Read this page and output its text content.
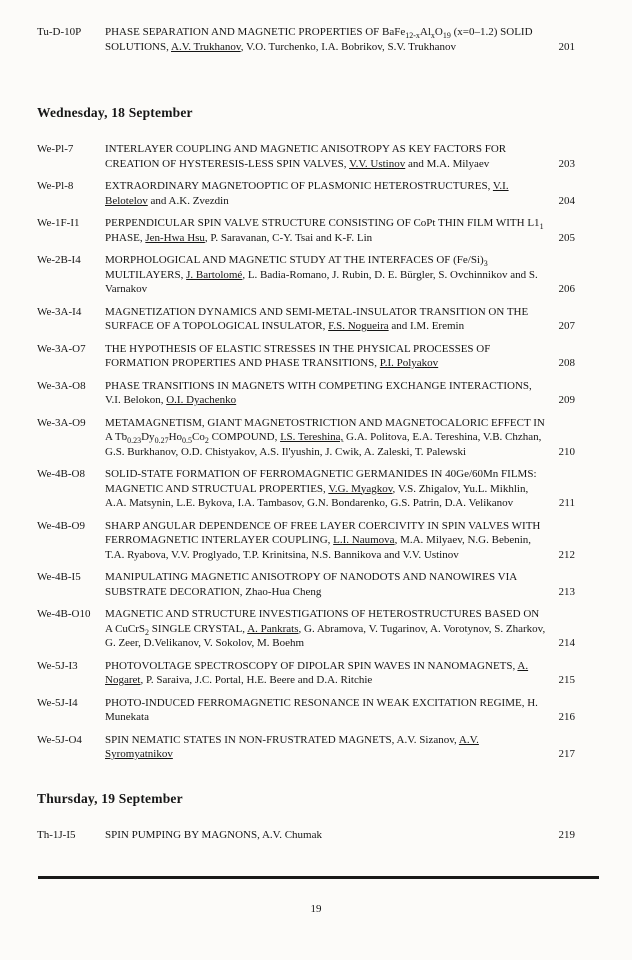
Tu-D-10P	PHASE SEPARATION AND MAGNETIC PROPERTIES OF $BaFe_{12-x}Al_xO_{19}$ (x=0–1.2) SOLID SOLUTIONS, A.V. Trukhanov, V.O. Turchenko, I.A. Bobrikov, S.V. Trukhanov	201
Wednesday, 18 September
We-Pl-7	INTERLAYER COUPLING AND MAGNETIC ANISOTROPY AS KEY FACTORS FOR CREATION OF HYSTERESIS-LESS SPIN VALVES, V.V. Ustinov and M.A. Milyaev	203
We-Pl-8	EXTRAORDINARY MAGNETOOPTIC OF PLASMONIC HETEROSTRUCTURES, V.I. Belotelov and A.K. Zvezdin	204
We-1F-I1	PERPENDICULAR SPIN VALVE STRUCTURE CONSISTING OF CoPt THIN FILM WITH $L1_1$ PHASE, Jen-Hwa Hsu, P. Saravanan, C-Y. Tsai and K-F. Lin	205
We-2B-I4	MORPHOLOGICAL AND MAGNETIC STUDY AT THE INTERFACES OF $(Fe/Si)_3$ MULTILAYERS, J. Bartolomé, L. Badia-Romano, J. Rubin, D. E. Bürgler, S. Ovchinnikov and S. Varnakov	206
We-3A-I4	MAGNETIZATION DYNAMICS AND SEMI-METAL-INSULATOR TRANSITION ON THE SURFACE OF A TOPOLOGICAL INSULATOR, F.S. Nogueira and I.M. Eremin	207
We-3A-O7	THE HYPOTHESIS OF ELASTIC STRESSES IN THE PHYSICAL PROCESSES OF FORMATION PROPERTIES AND PHASE TRANSITIONS, P.I. Polyakov	208
We-3A-O8	PHASE TRANSITIONS IN MAGNETS WITH COMPETING EXCHANGE INTERACTIONS, V.I. Belokon, O.I. Dyachenko	209
We-3A-O9	METAMAGNETISM, GIANT MAGNETOSTRICTION AND MAGNETOCALORIC EFFECT IN A $Tb_{0.23}Dy_{0.27}Ho_{0.5}Co_2$ COMPOUND, I.S. Tereshina, G.A. Politova, E.A. Tereshina, V.B. Chzhan, G.S. Burkhanov, O.D. Chistyakov, A.S. Il'yushin, J. Cwik, A. Zaleski, T. Palewski	210
We-4B-O8	SOLID-STATE FORMATION OF FERROMAGNETIC GERMANIDES IN 40Ge/60Mn FILMS: MAGNETIC AND STRUCTUAL PROPERTIES, V.G. Myagkov, V.S. Zhigalov, Yu.L. Mikhlin, A.A. Matsynin, L.E. Bykova, I.A. Tambasov, G.N. Bondarenko, G.S. Patrin, D.A. Velikanov	211
We-4B-O9	SHARP ANGULAR DEPENDENCE OF FREE LAYER COERCIVITY IN SPIN VALVES WITH FERROMAGNETIC INTERLAYER COUPLING, L.I. Naumova, M.A. Milyaev, N.G. Bebenin, T.A. Ryabova, V.V. Proglyado, T.P. Krinitsina, N.S. Bannikova and V.V. Ustinov	212
We-4B-I5	MANIPULATING MAGNETIC ANISOTROPY OF NANODOTS AND NANOWIRES VIA SUBSTRATE DECORATION, Zhao-Hua Cheng	213
We-4B-O10	MAGNETIC AND STRUCTURE INVESTIGATIONS OF HETEROSTRUCTURES BASED ON A CuCrS$_2$ SINGLE CRYSTAL, A. Pankrats, G. Abramova, V. Tugarinov, A. Vorotynov, S. Zharkov, G. Zeer, D.Velikanov, V. Sokolov, M. Boehm	214
We-5J-I3	PHOTOVOLTAGE SPECTROSCOPY OF DIPOLAR SPIN WAVES IN NANOMAGNETS, A. Nogaret, P. Saraiva, J.C. Portal, H.E. Beere and D.A. Ritchie	215
We-5J-I4	PHOTO-INDUCED FERROMAGNETIC RESONANCE IN WEAK EXCITATION REGIME, H. Munekata	216
We-5J-O4	SPIN NEMATIC STATES IN NON-FRUSTRATED MAGNETS, A.V. Sizanov, A.V. Syromyatnikov	217
Thursday, 19 September
Th-1J-I5	SPIN PUMPING BY MAGNONS, A.V. Chumak	219
19
